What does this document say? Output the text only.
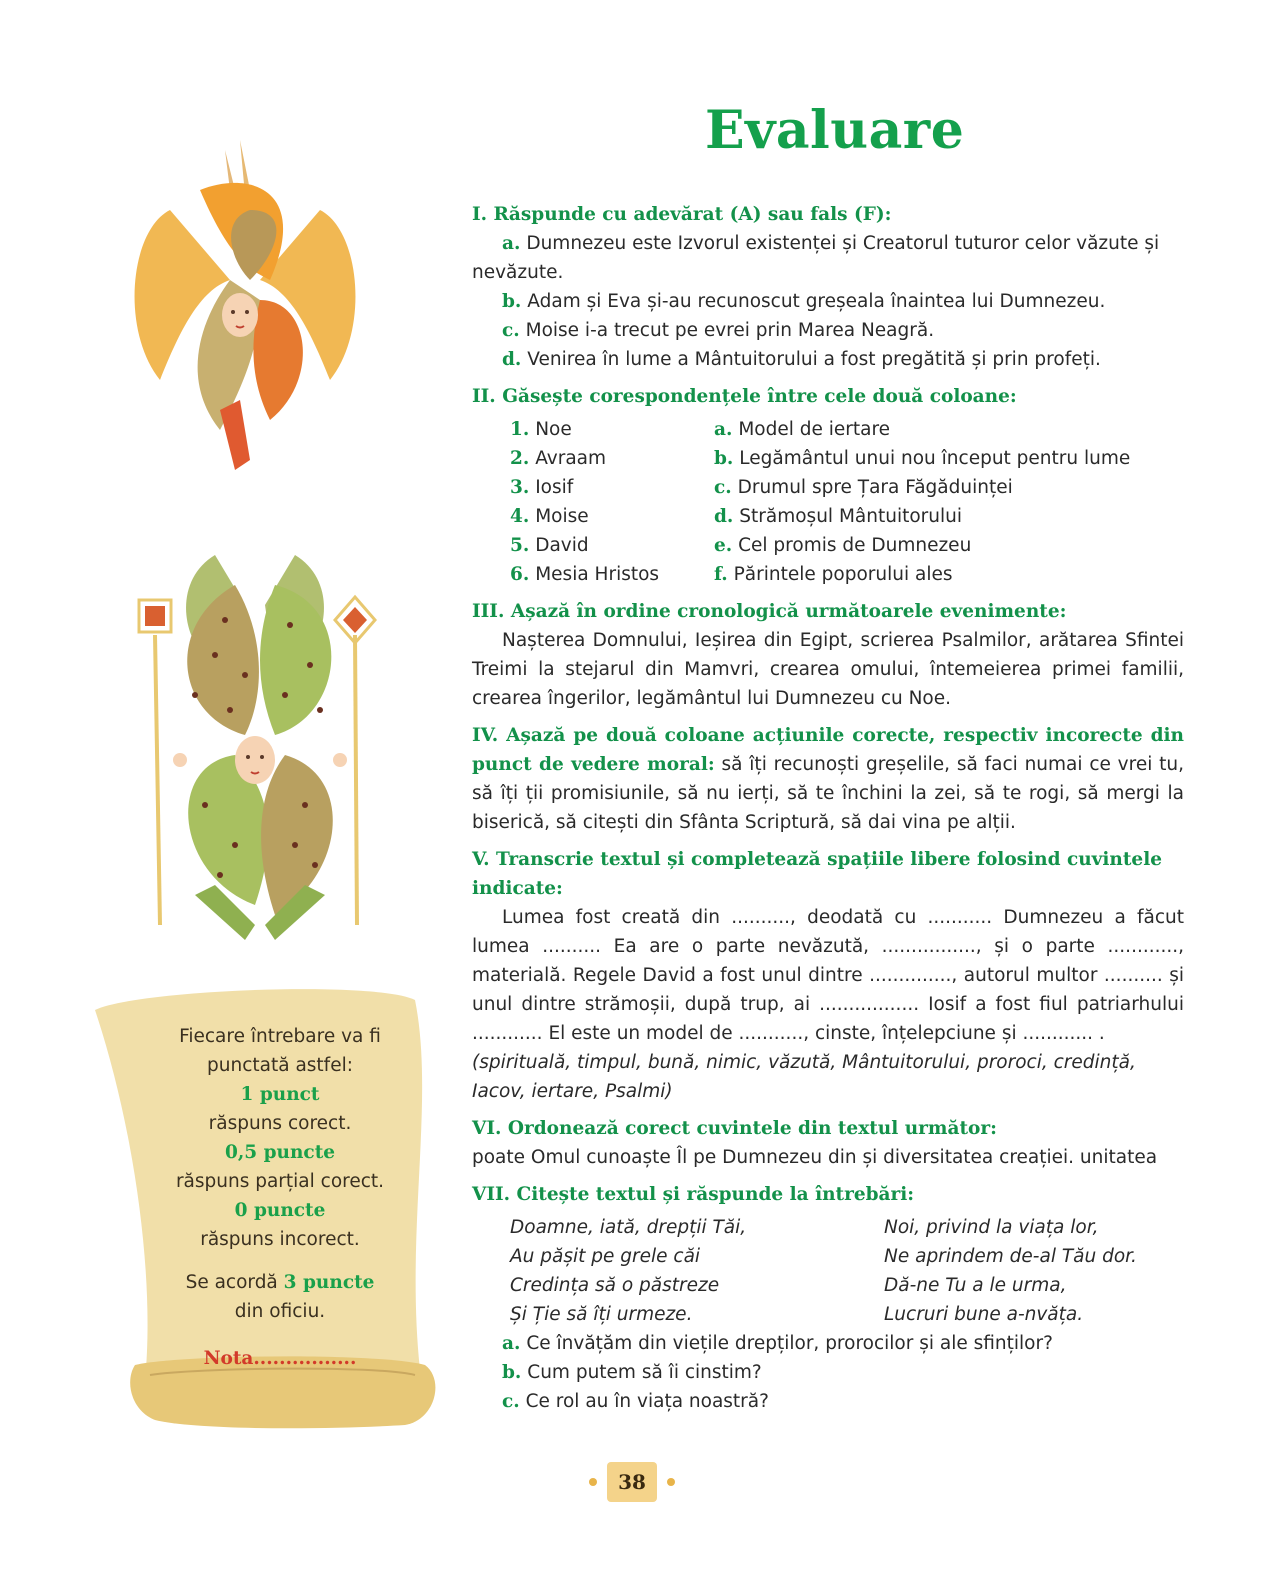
Evaluare
Fiecare întrebare va fi punctată astfel:
1 punct
răspuns corect.
0,5 puncte
răspuns parțial corect.
0 puncte
răspuns incorect.
Se acordă 3 puncte
din oficiu.
Nota................
I. Răspunde cu adevărat (A) sau fals (F):
a. Dumnezeu este Izvorul existenței și Creatorul tuturor celor văzute și nevăzute.
b. Adam și Eva și-au recunoscut greșeala înaintea lui Dumnezeu.
c. Moise i-a trecut pe evrei prin Marea Neagră.
d. Venirea în lume a Mântuitorului a fost pregătită și prin profeți.
II. Găsește corespondențele între cele două coloane:
1. Noe	a. Model de iertare
2. Avraam	b. Legământul unui nou început pentru lume
3. Iosif	c. Drumul spre Țara Făgăduinței
4. Moise	d. Strămoșul Mântuitorului
5. David	e. Cel promis de Dumnezeu
6. Mesia Hristos	f. Părintele poporului ales
III. Așază în ordine cronologică următoarele evenimente:
Nașterea Domnului, Ieșirea din Egipt, scrierea Psalmilor, arătarea Sfintei Treimi la stejarul din Mamvri, crearea omului, întemeierea primei familii, crearea îngerilor, legământul lui Dumnezeu cu Noe.
IV. Așază pe două coloane acțiunile corecte, respectiv incorecte din punct de vedere moral: să îți recunoști greșelile, să faci numai ce vrei tu, să îți ții promisiunile, să nu ierți, să te închini la zei, să te rogi, să mergi la biserică, să citești din Sfânta Scriptură, să dai vina pe alții.
V. Transcrie textul și completează spațiile libere folosind cuvintele indicate:
Lumea fost creată din .........., deodată cu ........... Dumnezeu a făcut lumea .......... Ea are o parte nevăzută, ................, și o parte ............, materială. Regele David a fost unul dintre .............., autorul multor .......... și unul dintre strămoșii, după trup, ai ................. Iosif a fost fiul patriarhului ............ El este un model de ..........., cinste, înțelepciune și ............ .
(spirituală, timpul, bună, nimic, văzută, Mântuitorului, proroci, credință, Iacov, iertare, Psalmi)
VI. Ordonează corect cuvintele din textul următor:
poate Omul cunoaște Îl pe Dumnezeu din și diversitatea creației. unitatea
VII. Citește textul și răspunde la întrebări:
Doamne, iată, drepții Tăi,	Noi, privind la viața lor,
Au pășit pe grele căi	Ne aprindem de-al Tău dor.
Credința să o păstreze	Dă-ne Tu a le urma,
Și Ție să îți urmeze.	Lucruri bune a-nvăța.
a. Ce învățăm din viețile drepților, prorocilor și ale sfinților?
b. Cum putem să îi cinstim?
c. Ce rol au în viața noastră?
38
